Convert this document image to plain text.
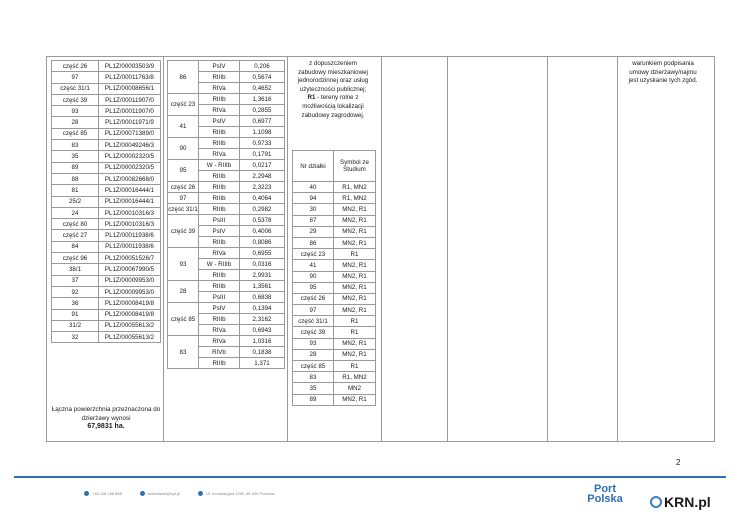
część 26	PL1Z/00003503/9
97	PL1Z/00011763/8
część 31/1	PL1Z/00008656/1
część 39	PL1Z/00011907/0
93	PL1Z/00011907/0
28	PL1Z/00011971/9
część 85	PL1Z/00071389/0
83	PL1Z/00049246/3
35	PL1Z/00002320/5
89	PL1Z/00002320/5
88	PL1Z/00082668/0
81	PL1Z/00016444/1
25/2	PL1Z/00016444/1
24	PL1Z/00010316/3
część 80	PL1Z/00010316/3
część 27	PL1Z/00011938/6
84	PL1Z/00011938/6
część 96	PL1Z/00051526/7
38/1	PL1Z/00067990/5
37	PL1Z/00009953/0
92	PL1Z/00009953/0
36	PL1Z/00008419/8
91	PL1Z/00008419/8
31/2	PL1Z/00055613/2
32	PL1Z/00055613/2
Łączna powierzchnia przeznaczona do dzierżawy wynosi
67,9831 ha.
86	PsIV	0,206
	RIIIb	0,5674
	RIVa	0,4652
część 23	RIIIb	1,3616
	RIVa	0,2855
41	PsIV	0,6977
	RIIIb	1,1098
90	RIIIb	0,9733
	RIVa	0,1791
95	W - RIIIb	0,0217
	RIIIb	2,2948
część 26	RIIIb	2,3223
97	RIIIb	0,4064
część 31/1	RIIIb	0,2982
część 39	PsIII	0,5378
	PsIV	0,4006
	RIIIb	0,8086
93	RIVa	0,6955
	W - RIIIb	0,0316
	RIIIb	2,9931
28	RIIIb	1,3561
	PsIII	0,6838
część 85	PsIV	0,1394
	RIIIb	2,3162
	RIVa	0,6943
83	RIVa	1,0316
	RIVb	0,1838
	RIIIb	1,371
z dopuszczeniem
zabudowy mieszkaniowej
jednorodzinnej oraz usług
użyteczności publicznej;
R1 - tereny rolne z
możliwością lokalizacji
zabudowy zagrodowej.
Nr działki	Symbol ze Studium
40	R1, MN2
94	R1, MN2
30	MN2, R1
87	MN2, R1
29	MN2, R1
86	MN2, R1
część 23	R1
41	MN2, R1
90	MN2, R1
95	MN2, R1
część 26	MN2, R1
97	MN2, R1
część 31/1	R1
część 39	R1
93	MN2, R1
28	MN2, R1
część 85	R1
83	R1, MN2
35	MN2
89	MN2, R1
warunkiem podpisania
umowy dzierżawy/najmu
jest uzyskanie tych zgód.
2
+48 118 188 888	sekretariat@kpt.pl	Ul. Innowacyjna 12/B, 65-000 Pozorna	Port
Polska	KRN.pl
